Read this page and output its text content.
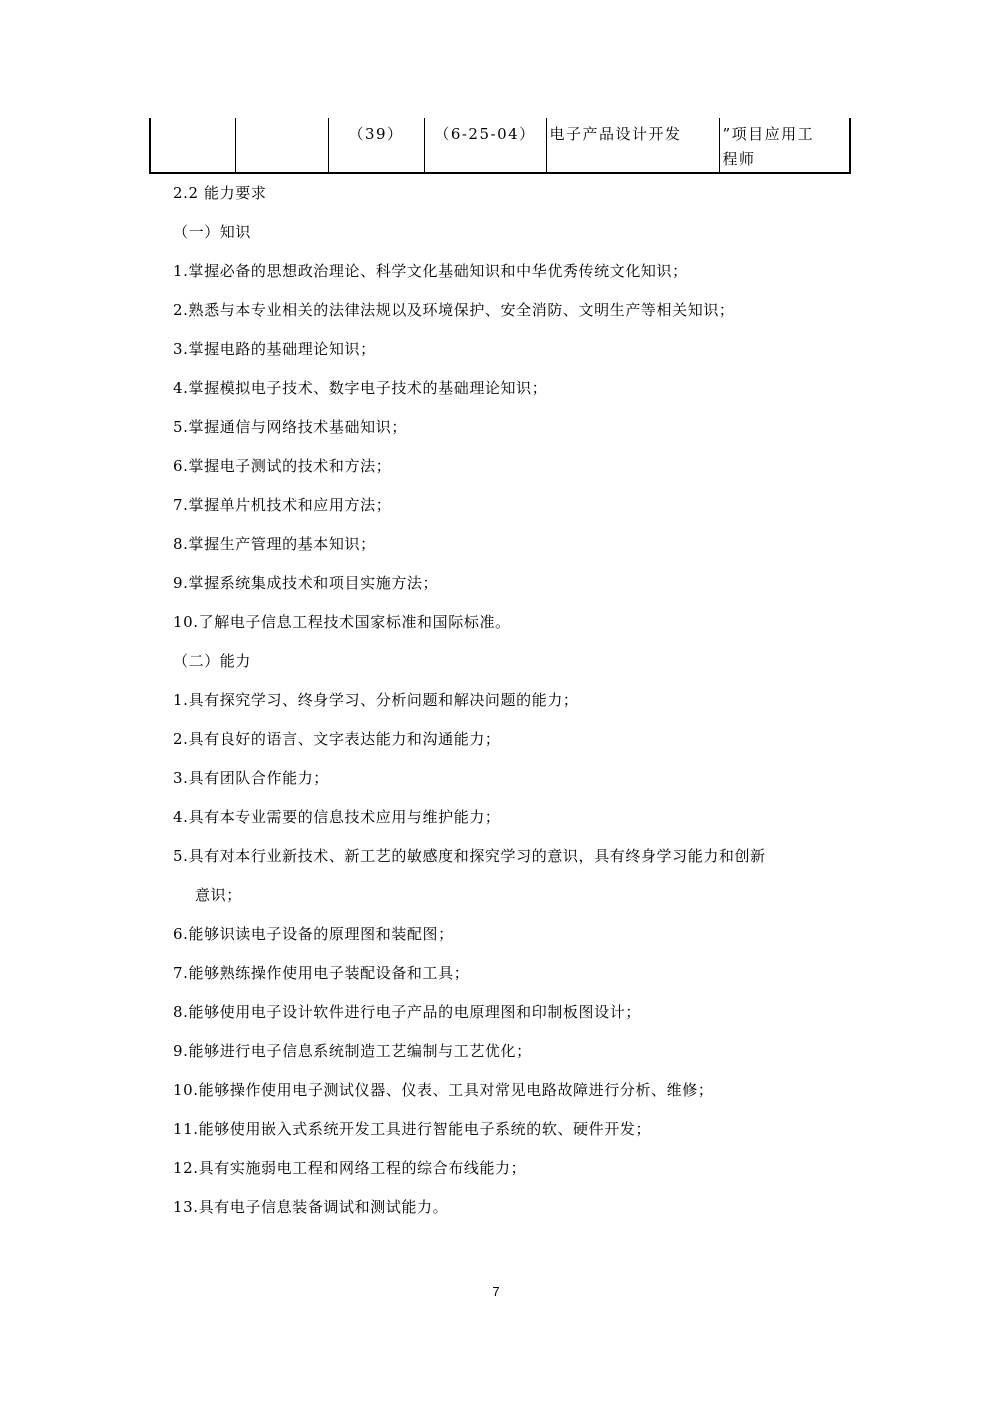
		（39）	（6-25-04）	电子产品设计开发	”项目应用工
程师
2.2 能力要求
（一）知识
1.掌握必备的思想政治理论、科学文化基础知识和中华优秀传统文化知识；
2.熟悉与本专业相关的法律法规以及环境保护、安全消防、文明生产等相关知识；
3.掌握电路的基础理论知识；
4.掌握模拟电子技术、数字电子技术的基础理论知识；
5.掌握通信与网络技术基础知识；
6.掌握电子测试的技术和方法；
7.掌握单片机技术和应用方法；
8.掌握生产管理的基本知识；
9.掌握系统集成技术和项目实施方法；
10.了解电子信息工程技术国家标准和国际标准。
（二）能力
1.具有探究学习、终身学习、分析问题和解决问题的能力；
2.具有良好的语言、文字表达能力和沟通能力；
3.具有团队合作能力；
4.具有本专业需要的信息技术应用与维护能力；
5.具有对本行业新技术、新工艺的敏感度和探究学习的意识，具有终身学习能力和创新
意识；
6.能够识读电子设备的原理图和装配图；
7.能够熟练操作使用电子装配设备和工具；
8.能够使用电子设计软件进行电子产品的电原理图和印制板图设计；
9.能够进行电子信息系统制造工艺编制与工艺优化；
10.能够操作使用电子测试仪器、仪表、工具对常见电路故障进行分析、维修；
11.能够使用嵌入式系统开发工具进行智能电子系统的软、硬件开发；
12.具有实施弱电工程和网络工程的综合布线能力；
13.具有电子信息装备调试和测试能力。
7
